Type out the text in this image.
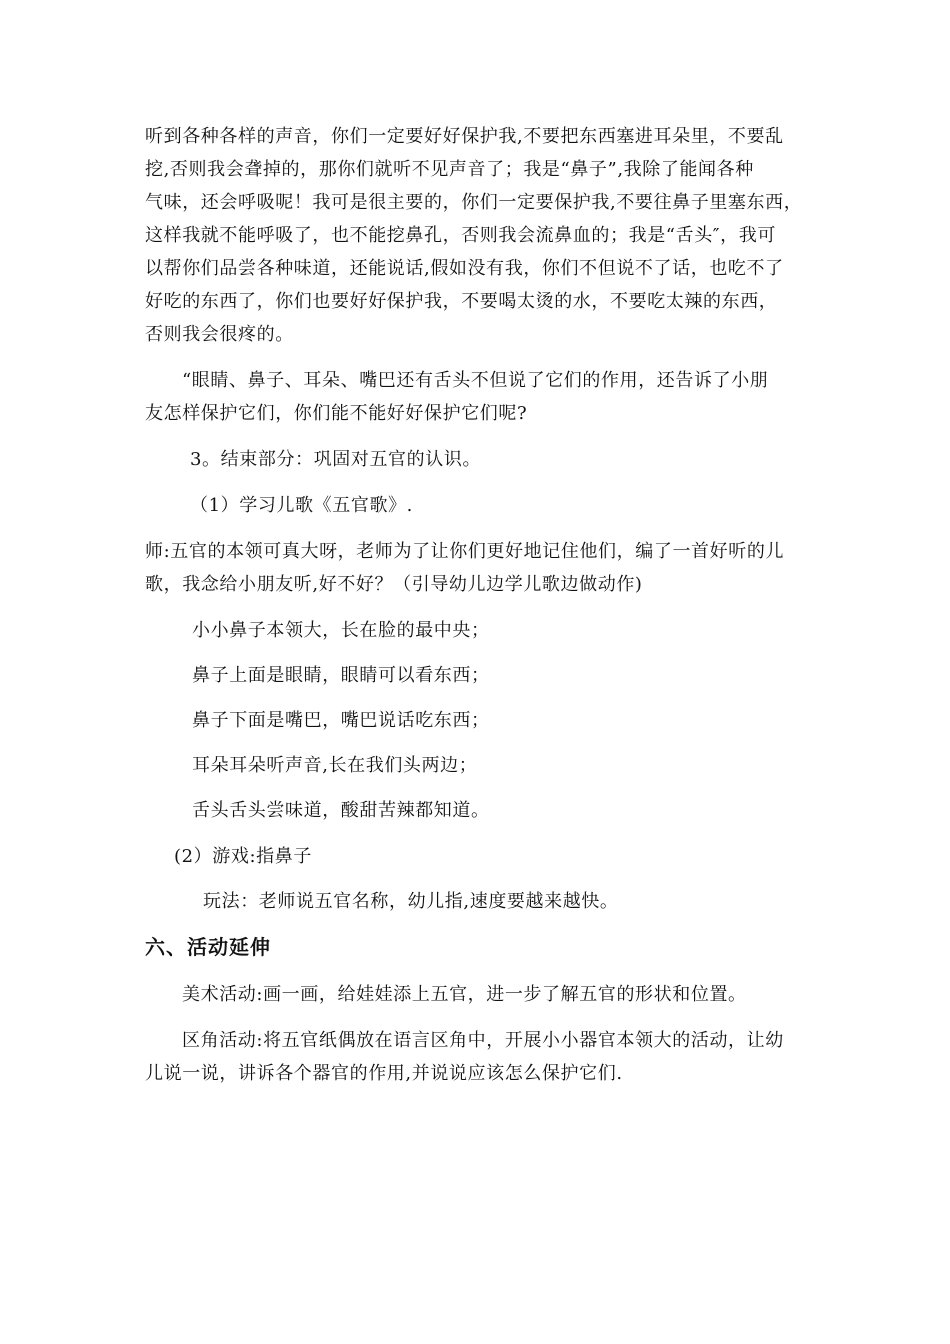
听到各种各样的声音，你们一定要好好保护我,不要把东西塞进耳朵里，不要乱
挖,否则我会聋掉的，那你们就听不见声音了；我是“鼻子”,我除了能闻各种
气味，还会呼吸呢！我可是很主要的，你们一定要保护我,不要往鼻子里塞东西，
这样我就不能呼吸了，也不能挖鼻孔，否则我会流鼻血的；我是“舌头″，我可
以帮你们品尝各种味道，还能说话,假如没有我，你们不但说不了话，也吃不了
好吃的东西了，你们也要好好保护我，不要喝太烫的水，不要吃太辣的东西，
否则我会很疼的。
“眼睛、鼻子、耳朵、嘴巴还有舌头不但说了它们的作用，还告诉了小朋
友怎样保护它们，你们能不能好好保护它们呢?
3。结束部分：巩固对五官的认识。
（1）学习儿歌《五官歌》.
师:五官的本领可真大呀，老师为了让你们更好地记住他们，编了一首好听的儿
歌，我念给小朋友听,好不好？（引导幼儿边学儿歌边做动作)
小小鼻子本领大，长在脸的最中央；
鼻子上面是眼睛，眼睛可以看东西；
鼻子下面是嘴巴，嘴巴说话吃东西；
耳朵耳朵听声音,长在我们头两边；
舌头舌头尝味道，酸甜苦辣都知道。
(2）游戏:指鼻子
玩法：老师说五官名称，幼儿指,速度要越来越快。
六、活动延伸
美术活动:画一画，给娃娃添上五官，进一步了解五官的形状和位置。
区角活动:将五官纸偶放在语言区角中，开展小小器官本领大的活动，让幼
儿说一说，讲诉各个器官的作用,并说说应该怎么保护它们.
